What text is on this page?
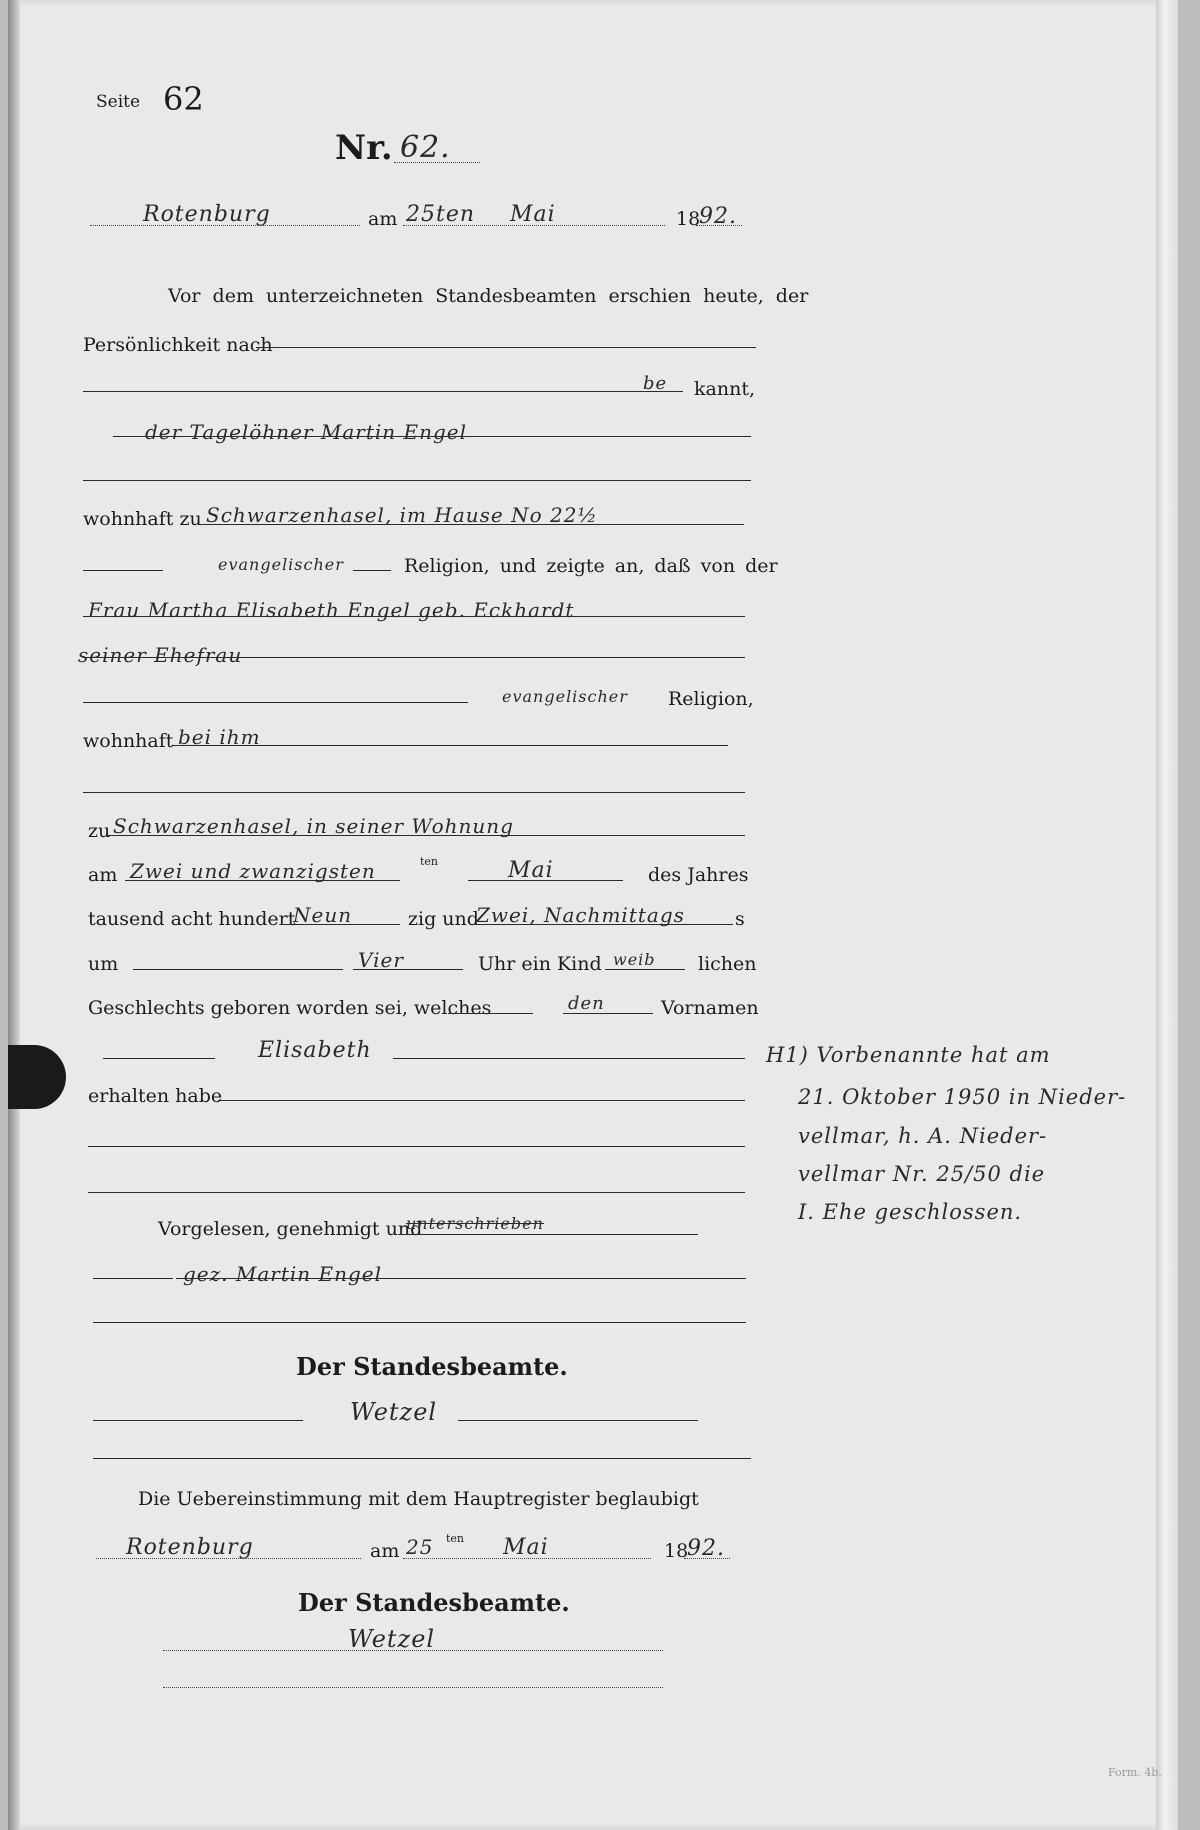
Seite 62
Nr. 62.
Rotenburg	am 25ten Mai	18
92.
Vor dem unterzeichneten Standesbeamten erschien heute, der
Persönlichkeit nach
be kannt,
der Tagelöhner Martin Engel
wohnhaft zu Schwarzenhasel, im Hause No 22½
evangelischer	Religion, und zeigte an, daß von der
Frau Martha Elisabeth Engel geb. Eckhardt
seiner Ehefrau
evangelischer Religion,
wohnhaft bei ihm
zu Schwarzenhasel, in seiner Wohnung
am Zwei und zwanzigsten	ten	Mai	des Jahres
tausend acht hundert
Neun	zig und
Zwei, Nachmittags	s
um	Vier	Uhr ein Kind weib lichen
Geschlechts geboren worden sei, welches	den	Vornamen
Elisabeth
erhalten habe
Vorgelesen, genehmigt und
unterschrieben
gez. Martin Engel
Der Standesbeamte.
Wetzel
Die Uebereinstimmung mit dem Hauptregister beglaubigt
Rotenburg	am 25 ten Mai	18
92.
Der Standesbeamte.
Wetzel
H1) Vorbenannte hat am
21. Oktober 1950 in Nieder-
vellmar, h. A. Nieder-
vellmar Nr. 25/50 die
I. Ehe geschlossen.
Form. 4b.
